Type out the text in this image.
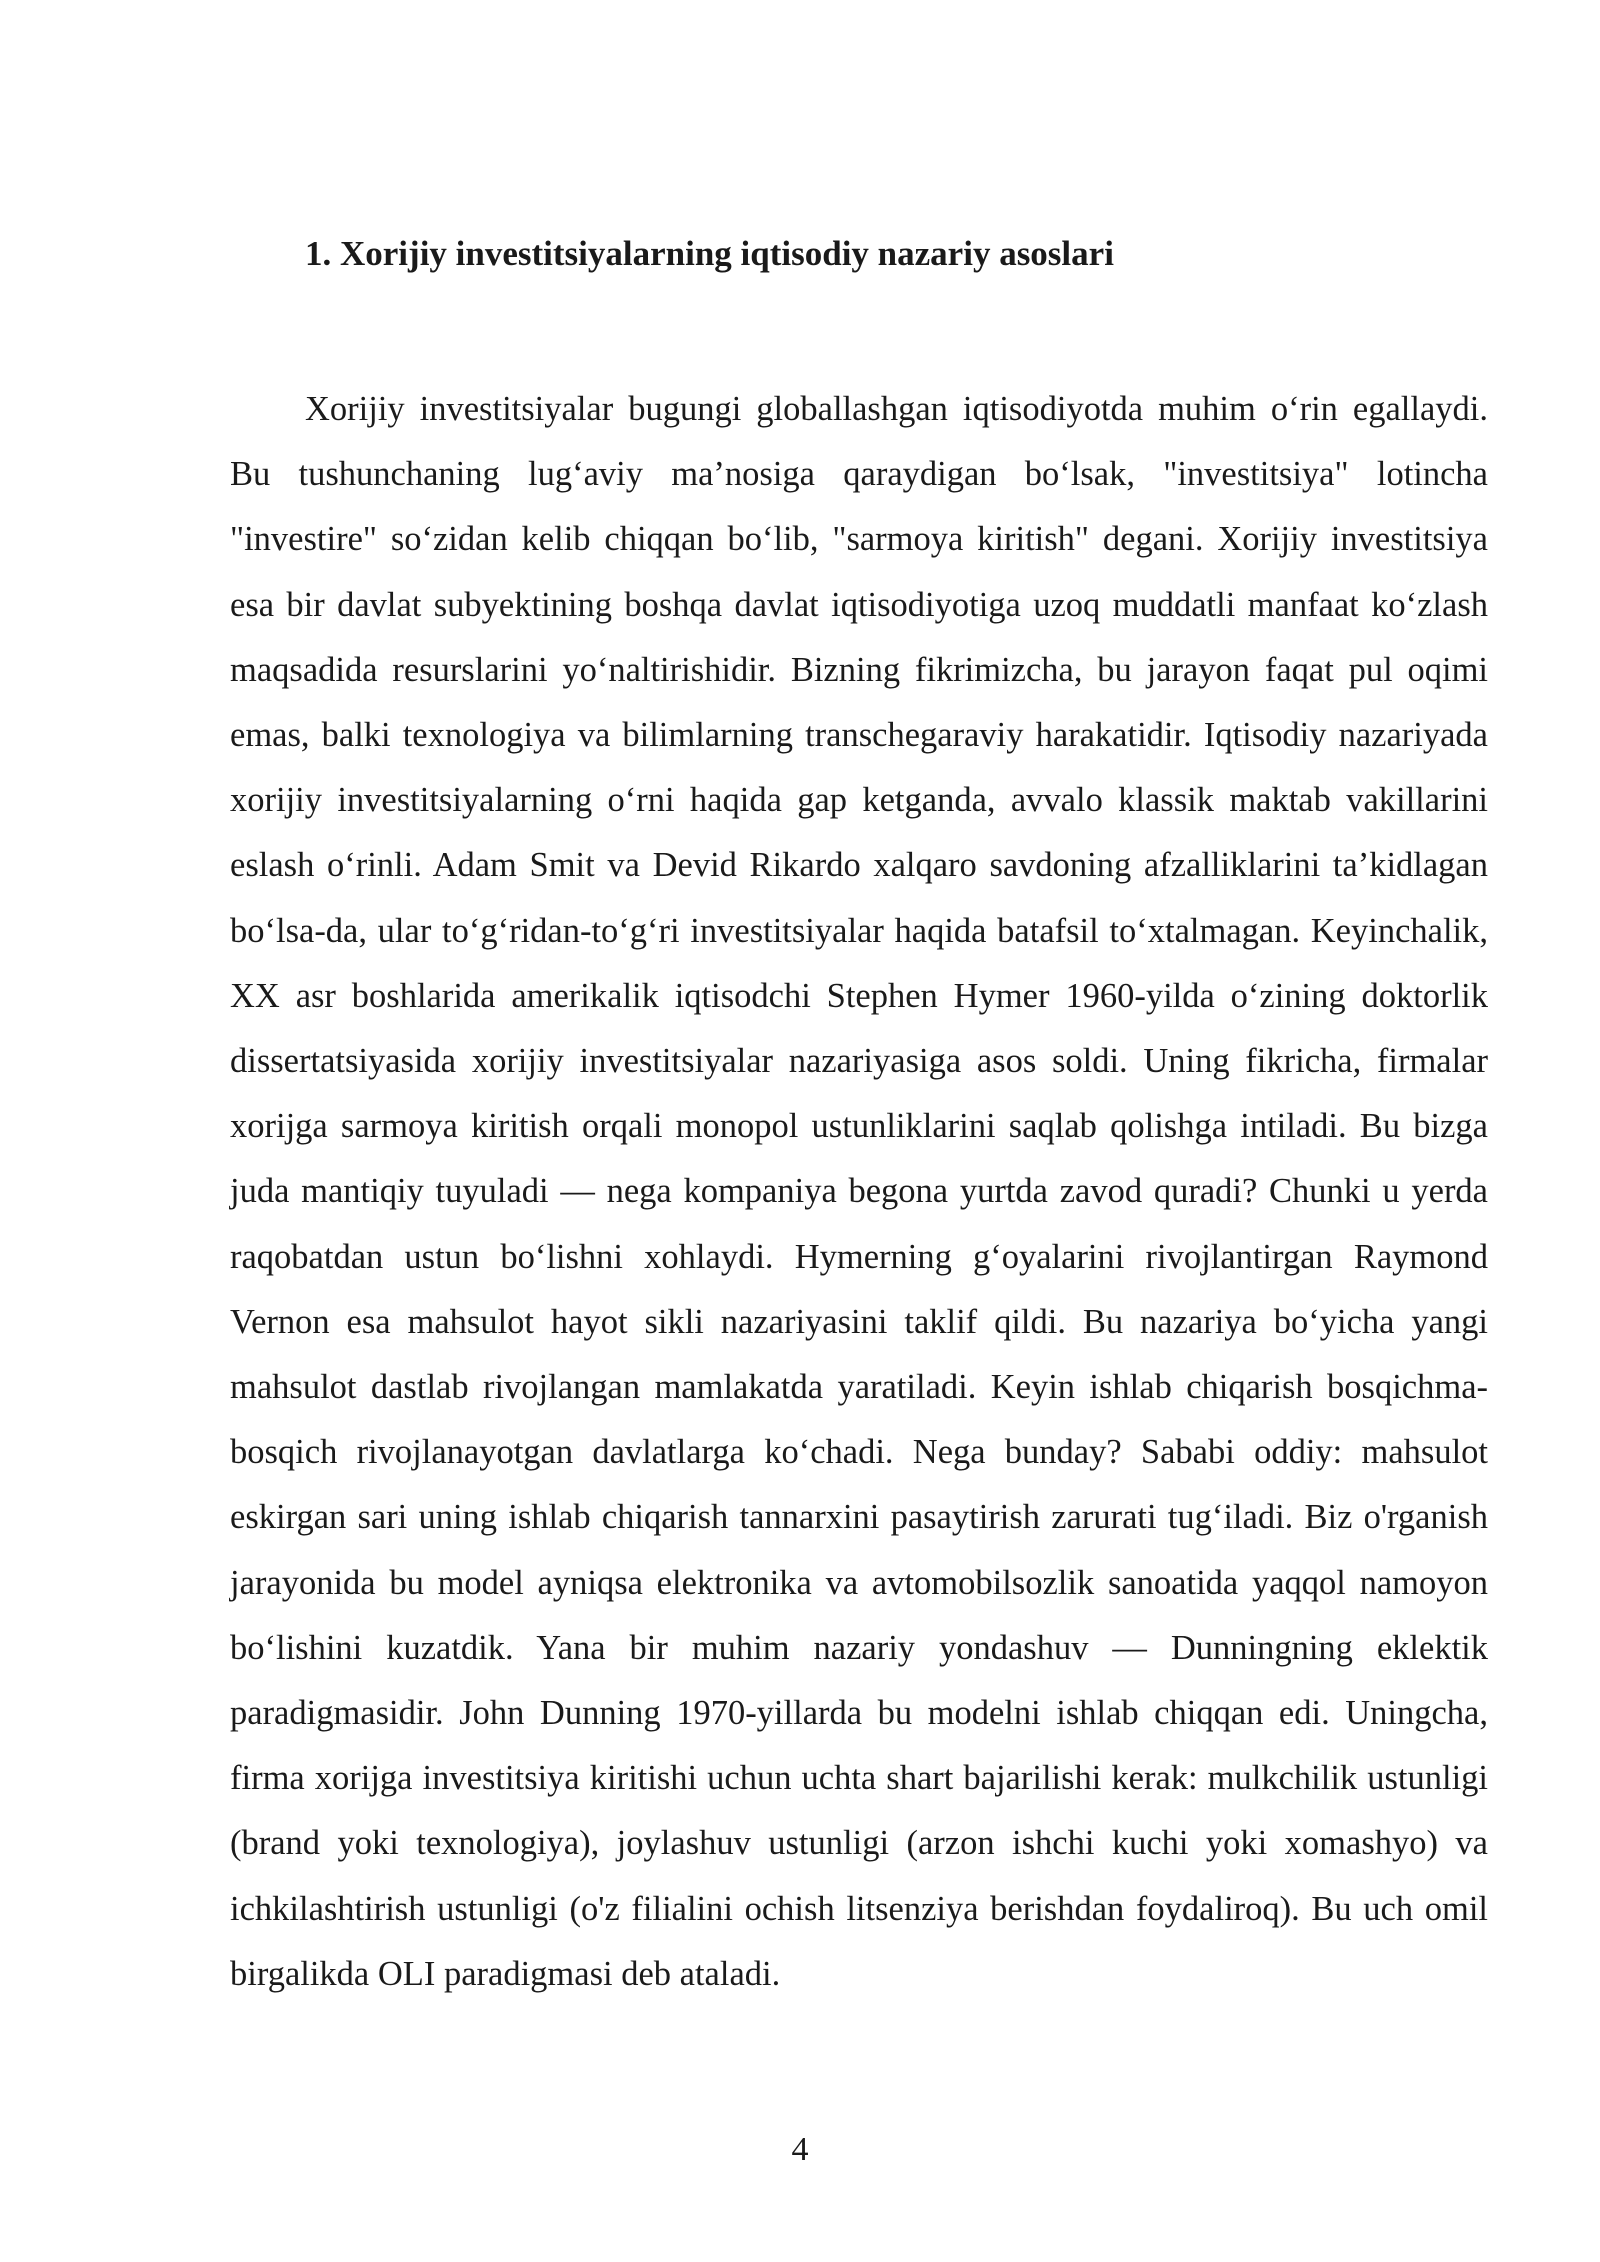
1. Xorijiy investitsiyalarning iqtisodiy nazariy asoslari

Xorijiy investitsiyalar bugungi globallashgan iqtisodiyotda muhim o‘rin egallaydi. Bu tushunchaning lug‘aviy ma’nosiga qaraydigan bo‘lsak, "investitsiya" lotincha "investire" so‘zidan kelib chiqqan bo‘lib, "sarmoya kiritish" degani. Xorijiy investitsiya esa bir davlat subyektining boshqa davlat iqtisodiyotiga uzoq muddatli manfaat ko‘zlash maqsadida resurslarini yo‘naltirishidir. Bizning fikrimizcha, bu jarayon faqat pul oqimi emas, balki texnologiya va bilimlarning transchegaraviy harakatidir. Iqtisodiy nazariyada xorijiy investitsiyalarning o‘rni haqida gap ketganda, avvalo klassik maktab vakillarini eslash o‘rinli. Adam Smit va Devid Rikardo xalqaro savdoning afzalliklarini ta’kidlagan bo‘lsa-da, ular to‘g‘ridan-to‘g‘ri investitsiyalar haqida batafsil to‘xtalmagan. Keyinchalik, XX asr boshlarida amerikalik iqtisodchi Stephen Hymer 1960-yilda o‘zining doktorlik dissertatsiyasida xorijiy investitsiyalar nazariyasiga asos soldi. Uning fikricha, firmalar xorijga sarmoya kiritish orqali monopol ustunliklarini saqlab qolishga intiladi. Bu bizga juda mantiqiy tuyuladi — nega kompaniya begona yurtda zavod quradi? Chunki u yerda raqobatdan ustun bo‘lishni xohlaydi. Hymerning g‘oyalarini rivojlantirgan Raymond Vernon esa mahsulot hayot sikli nazariyasini taklif qildi. Bu nazariya bo‘yicha yangi mahsulot dastlab rivojlangan mamlakatda yaratiladi. Keyin ishlab chiqarish bosqichma-bosqich rivojlanayotgan davlatlarga ko‘chadi. Nega bunday? Sababi oddiy: mahsulot eskirgan sari uning ishlab chiqarish tannarxini pasaytirish zarurati tug‘iladi. Biz o'rganish jarayonida bu model ayniqsa elektronika va avtomobilsozlik sanoatida yaqqol namoyon bo‘lishini kuzatdik. Yana bir muhim nazariy yondashuv — Dunningning eklektik paradigmasidir. John Dunning 1970-yillarda bu modelni ishlab chiqqan edi. Uningcha, firma xorijga investitsiya kiritishi uchun uchta shart bajarilishi kerak: mulkchilik ustunligi (brand yoki texnologiya), joylashuv ustunligi (arzon ishchi kuchi yoki xomashyo) va ichkilashtirish ustunligi (o'z filialini ochish litsenziya berishdan foydaliroq). Bu uch omil birgalikda OLI paradigmasi deb ataladi.

4
